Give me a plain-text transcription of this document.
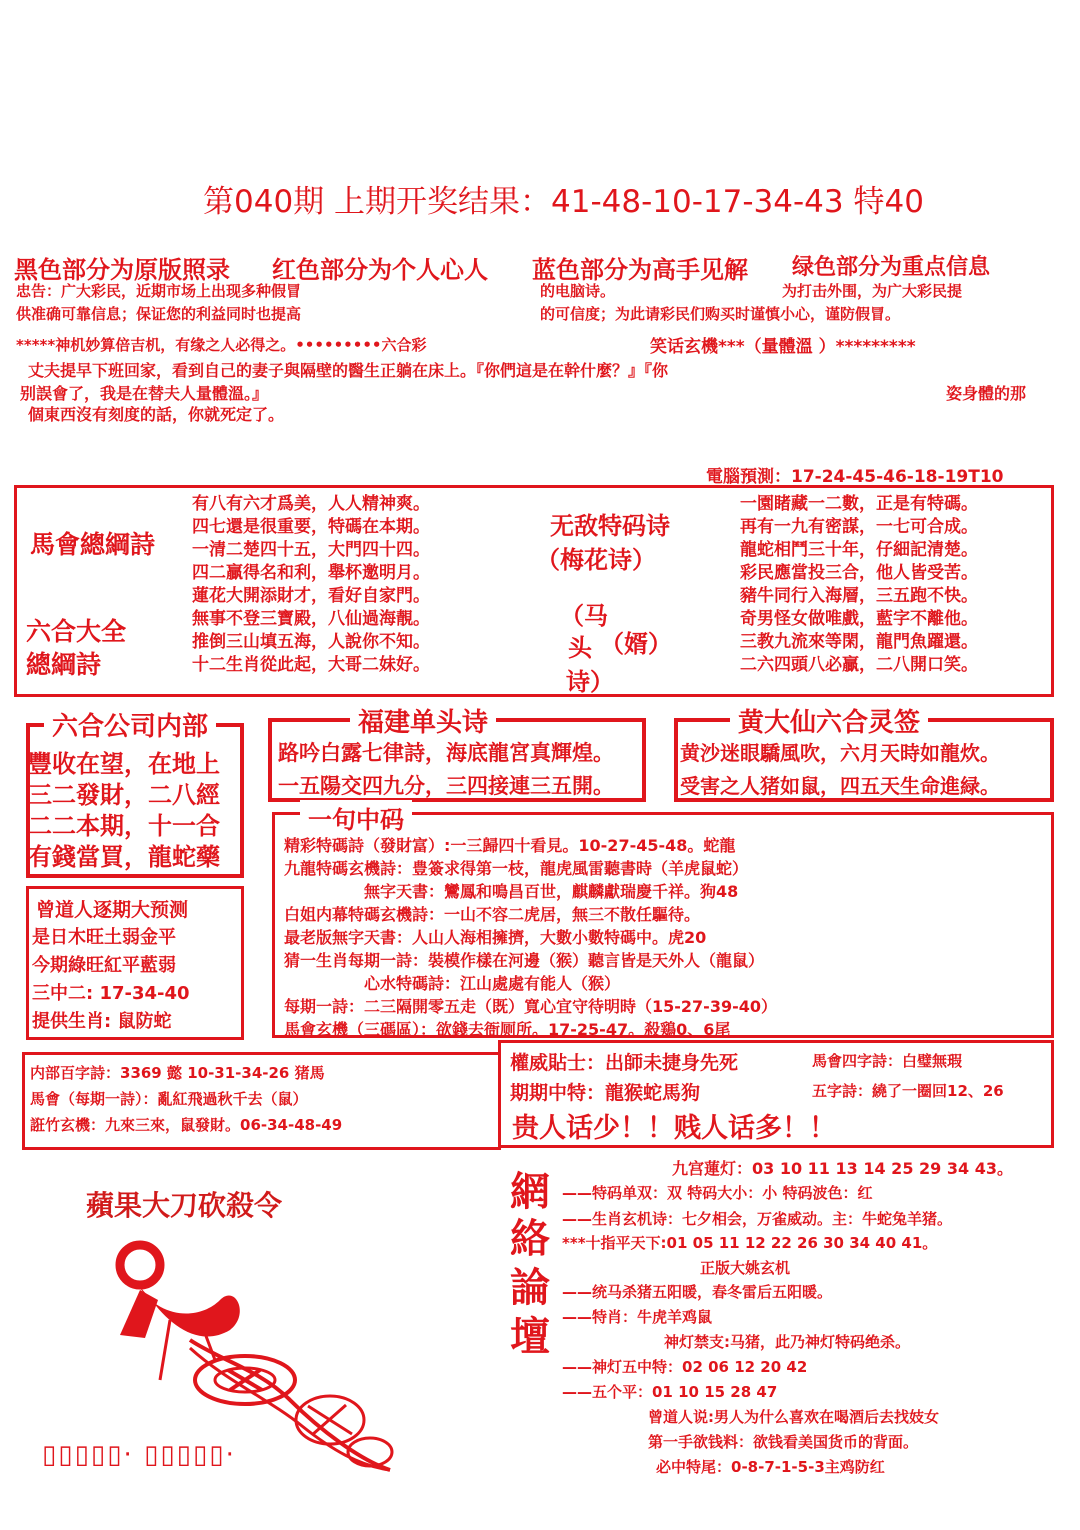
第040期 上期开奖结果：41-48-10-17-34-43 特40
黑色部分为原版照录 红色部分为个人心人 蓝色部分为高手见解 绿色部分为重点信息
忠告：广大彩民，近期市场上出现多种假冒	的电脑诗。	为打击外围，为广大彩民提
供准确可靠信息；保证您的利益同时也提高	的可信度；为此请彩民们购买时谨慎小心，谨防假冒。
*****神机妙算倍吉机，有缘之人必得之。•••••••••六合彩	笑话玄機***（量體溫 ）*********
丈夫提早下班回家，看到自己的妻子與隔壁的醫生正躺在床上。『你們這是在幹什麼？』『你
别誤會了，我是在替夫人量體溫。』	姿身體的那
個東西沒有刻度的話，你就死定了。
電腦預測：17-24-45-46-18-19T10
馬會總綱詩
六合大全
總綱詩
有八有六才爲美，人人精神爽。
四七還是很重要，特碼在本期。
一清二楚四十五，大門四十四。
四二贏得名和利，舉杯邀明月。
蓮花大開添財才，看好自家門。
無事不登三寶殿，八仙過海靚。
推倒三山填五海，人說你不知。
十二生肖從此起，大哥二妹好。
无敌特码诗
（梅花诗）
（马
头 （婿）
诗）
一園睹藏一二數，正是有特碼。
再有一九有密謀，一七可合成。
龍蛇相鬥三十年，仔細記清楚。
彩民應當投三合，他人皆受苦。
豬牛同行入海層，三五跑不快。
奇男怪女做唯戲，藍字不離他。
三教九流來等閑，龍門魚躍還。
二六四頭八必贏，二八開口笑。
六合公司内部
豐收在望，在地上
三二發財，二八經
二二本期，十一合
有錢當買，龍蛇藥
福建单头诗
路吟白露七律詩，海底龍宮真輝煌。
一五陽交四九分，三四接連三五開。
黄大仙六合灵签
黄沙迷眼驕風吹，六月天時如龍炊。
受害之人猪如鼠，四五天生命進緑。
曾道人逐期大预测
是日木旺土弱金平
今期綠旺紅平藍弱
三中二: 17-34-40
提供生肖: 鼠防蛇
一句中码
精彩特碼詩（發財富）:一三歸四十看見。10-27-45-48。蛇龍
九龍特碼玄機詩：豊簽求得第一枝，龍虎風雷聽書時（羊虎鼠蛇）
無字天書：鸞鳳和鳴昌百世，麒麟獻瑞慶千祥。狗48
白姐内幕特碼玄機詩：一山不容二虎居，無三不散任驅待。
最老版無字天書：人山人海相擁擠，大數小數特碼中。虎20
猜一生肖每期一詩：裝模作樣在河邊（猴）聽言皆是天外人（龍鼠）
心水特碼詩：江山處處有能人（猴）
每期一詩：二三隔開零五走（既）寬心宜守待明時（15-27-39-40）
馬會玄機（三碼區）：欲錢去衙厕所。17-25-47。殺鶏0、6尾
内部百字詩：3369 懿 10-31-34-26 猪馬
馬會（每期一詩）：亂紅飛過秋千去（鼠）
誑竹玄機：九來三來，鼠發財。06-34-48-49
權威貼士：出師未捷身先死	馬會四字詩：白璧無瑕
期期中特：龍猴蛇馬狗	五字詩：繞了一圈回12、26
贵人话少！！贱人话多！！
蘋果大刀砍殺令
▯▯▯▯▯· ▯▯▯▯▯·
網
絡
論
壇
九宫蓮灯：03 10 11 13 14 25 29 34 43。
——特码单双：双 特码大小：小 特码波色：红
——生肖玄机诗：七夕相会，万雀威动。主：牛蛇兔羊猪。
***十指平天下:01 05 11 12 22 26 30 34 40 41。
正版大姚玄机
——统马杀猪五阳暖，春冬雷后五阳暖。
——特肖：牛虎羊鸡鼠
神灯禁支:马猪，此乃神灯特码绝杀。
——神灯五中特：02 06 12 20 42
——五个平：01 10 15 28 47
曾道人说:男人为什么喜欢在喝酒后去找妓女
第一手欲钱料：欲钱看美国货币的背面。
必中特尾：0-8-7-1-5-3主鸡防红
